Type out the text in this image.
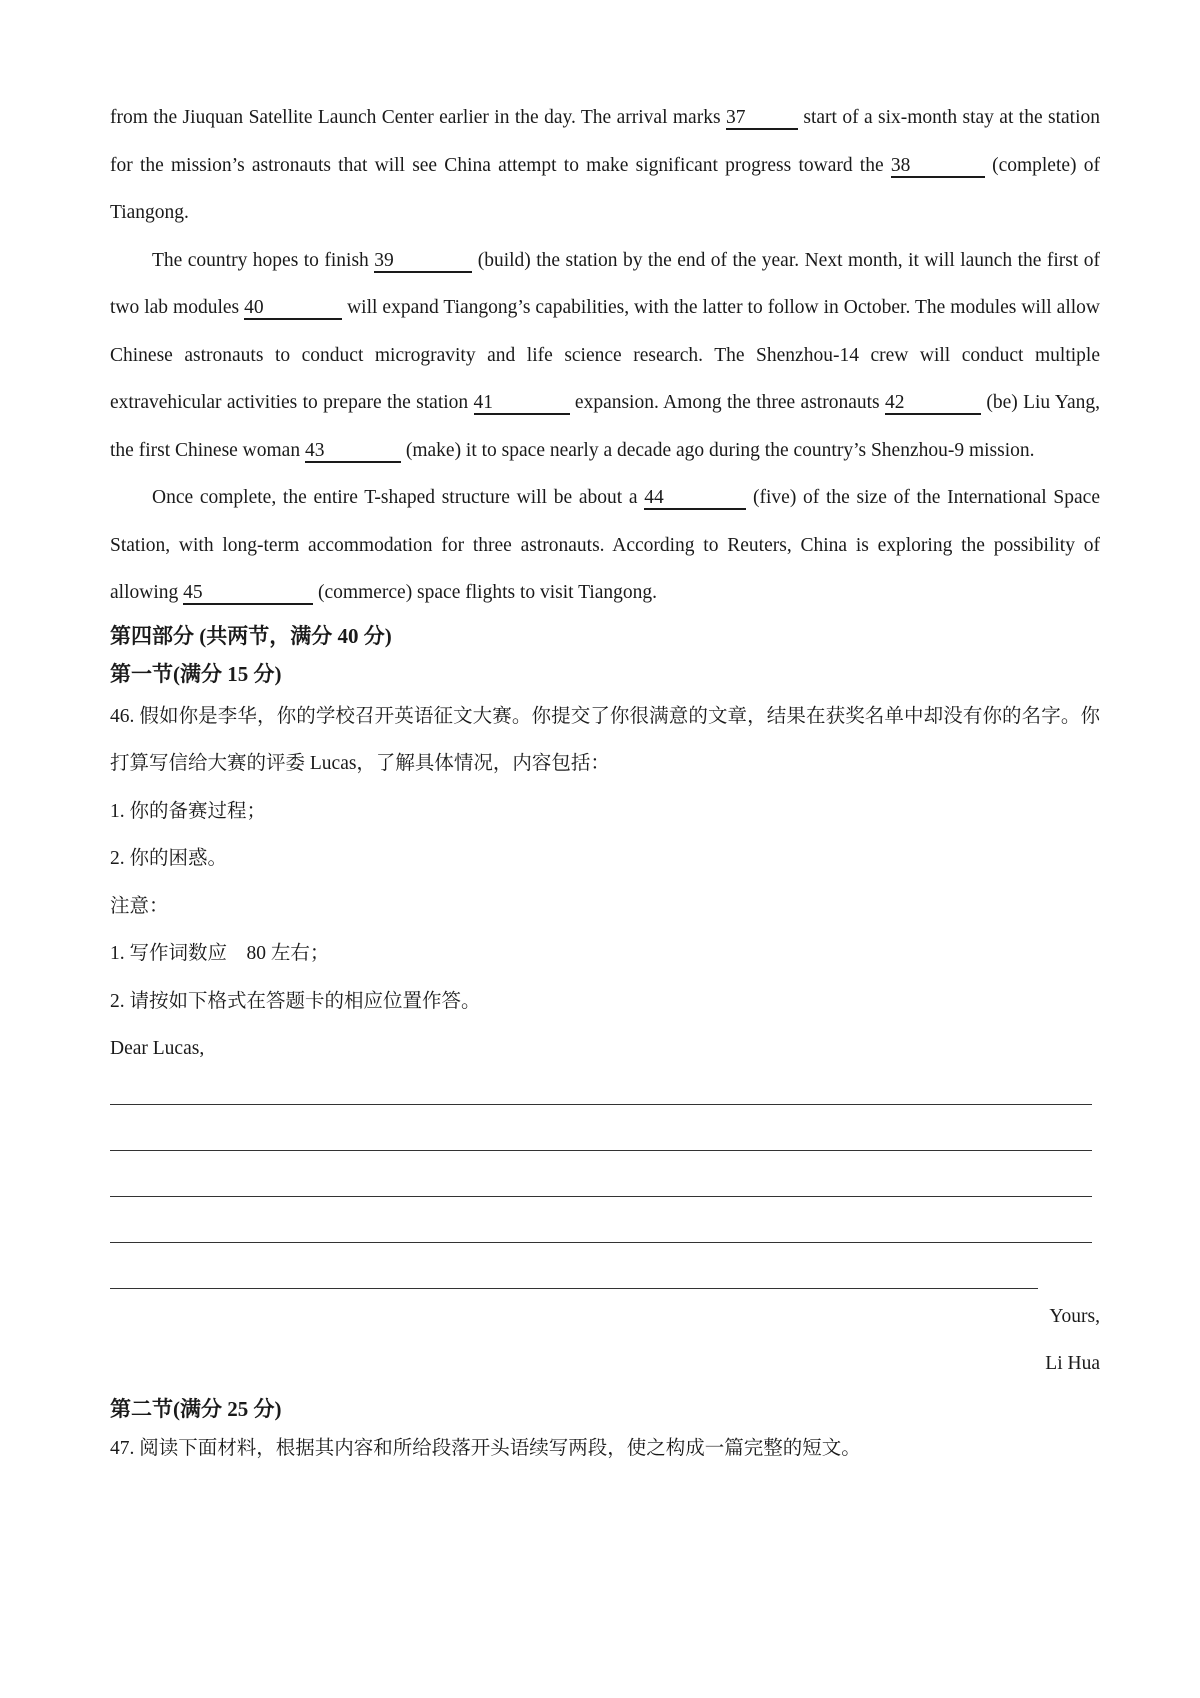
from the Jiuquan Satellite Launch Center earlier in the day. The arrival marks 37	start of a six-month stay at the station for the mission’s astronauts that will see China attempt to make significant progress toward the 38	(complete) of Tiangong.

The country hopes to finish 39	(build) the station by the end of the year. Next month, it will launch the first of two lab modules 40	will expand Tiangong’s capabilities, with the latter to follow in October. The modules will allow Chinese astronauts to conduct microgravity and life science research. The Shenzhou-14 crew will conduct multiple extravehicular activities to prepare the station 41	expansion. Among the three astronauts 42	(be) Liu Yang, the first Chinese woman 43	(make) it to space nearly a decade ago during the country’s Shenzhou-9 mission.

Once complete, the entire T-shaped structure will be about a 44	(five) of the size of the International Space Station, with long-term accommodation for three astronauts. According to Reuters, China is exploring the possibility of allowing 45	(commerce) space flights to visit Tiangong.

第四部分 (共两节，满分 40 分)

第一节(满分 15 分)

46. 假如你是李华，你的学校召开英语征文大赛。你提交了你很满意的文章，结果在获奖名单中却没有你的名字。你打算写信给大赛的评委 Lucas，了解具体情况，内容包括：

1. 你的备赛过程；

2. 你的困惑。

注意：

1. 写作词数应    80 左右；

2. 请按如下格式在答题卡的相应位置作答。

Dear Lucas,

Yours,

Li Hua

第二节(满分 25 分)

47. 阅读下面材料，根据其内容和所给段落开头语续写两段，使之构成一篇完整的短文。
